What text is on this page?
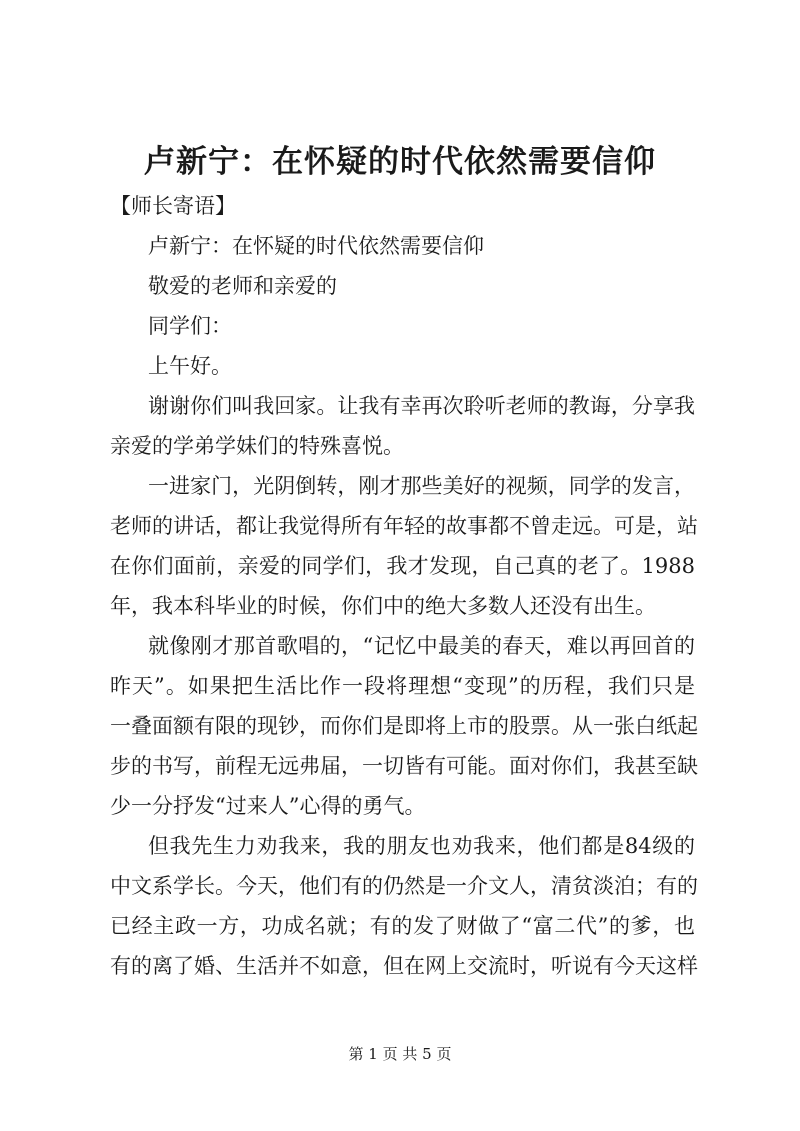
卢新宁：在怀疑的时代依然需要信仰
【师长寄语】
卢新宁：在怀疑的时代依然需要信仰
敬爱的老师和亲爱的
同学们：
上午好。
谢谢你们叫我回家。让我有幸再次聆听老师的教诲，分享我
亲爱的学弟学妹们的特殊喜悦。
一进家门，光阴倒转，刚才那些美好的视频，同学的发言，
老师的讲话，都让我觉得所有年轻的故事都不曾走远。可是，站
在你们面前，亲爱的同学们，我才发现，自己真的老了。1988
年，我本科毕业的时候，你们中的绝大多数人还没有出生。
就像刚才那首歌唱的，“记忆中最美的春天，难以再回首的
昨天”。如果把生活比作一段将理想“变现”的历程，我们只是
一叠面额有限的现钞，而你们是即将上市的股票。从一张白纸起
步的书写，前程无远弗届，一切皆有可能。面对你们，我甚至缺
少一分抒发“过来人”心得的勇气。
但我先生力劝我来，我的朋友也劝我来，他们都是84级的
中文系学长。今天，他们有的仍然是一介文人，清贫淡泊；有的
已经主政一方，功成名就；有的发了财做了“富二代”的爹，也
有的离了婚、生活并不如意，但在网上交流时，听说有今天这样
第 1 页 共 5 页
